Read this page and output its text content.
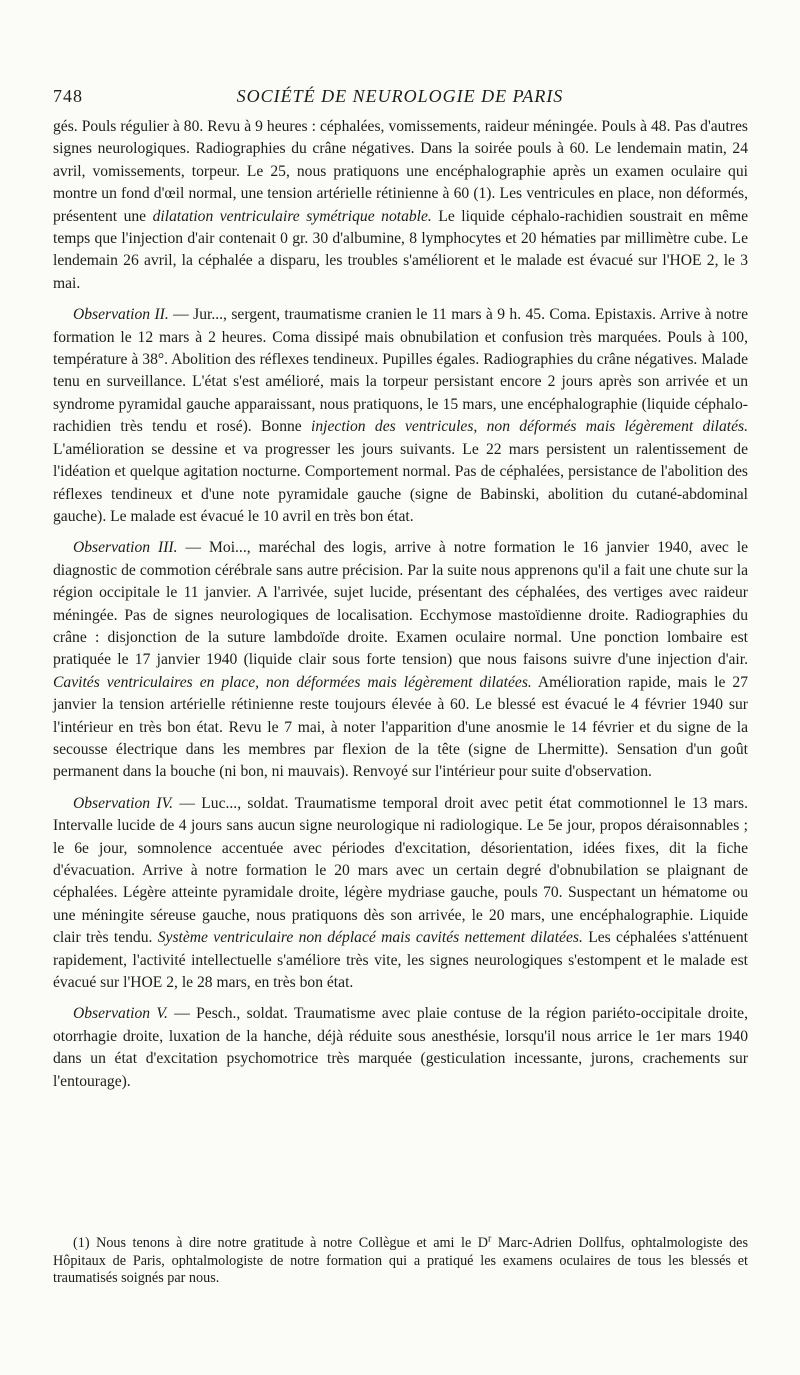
748	SOCIÉTÉ DE NEUROLOGIE DE PARIS

gés. Pouls régulier à 80. Revu à 9 heures : céphalées, vomissements, raideur méningée. Pouls à 48. Pas d'autres signes neurologiques. Radiographies du crâne négatives. Dans la soirée pouls à 60. Le lendemain matin, 24 avril, vomissements, torpeur. Le 25, nous pratiquons une encéphalographie après un examen oculaire qui montre un fond d'œil normal, une tension artérielle rétinienne à 60 (1). Les ventricules en place, non déformés, présentent une dilatation ventriculaire symétrique notable. Le liquide céphalo-rachidien soustrait en même temps que l'injection d'air contenait 0 gr. 30 d'albumine, 8 lymphocytes et 20 hématies par millimètre cube. Le lendemain 26 avril, la céphalée a disparu, les troubles s'améliorent et le malade est évacué sur l'HOE 2, le 3 mai.

Observation II. — Jur..., sergent, traumatisme cranien le 11 mars à 9 h. 45. Coma. Epistaxis. Arrive à notre formation le 12 mars à 2 heures. Coma dissipé mais obnubilation et confusion très marquées. Pouls à 100, température à 38°. Abolition des réflexes tendineux. Pupilles égales. Radiographies du crâne négatives. Malade tenu en surveillance. L'état s'est amélioré, mais la torpeur persistant encore 2 jours après son arrivée et un syndrome pyramidal gauche apparaissant, nous pratiquons, le 15 mars, une encéphalographie (liquide céphalo-rachidien très tendu et rosé). Bonne injection des ventricules, non déformés mais légèrement dilatés. L'amélioration se dessine et va progresser les jours suivants. Le 22 mars persistent un ralentissement de l'idéation et quelque agitation nocturne. Comportement normal. Pas de céphalées, persistance de l'abolition des réflexes tendineux et d'une note pyramidale gauche (signe de Babinski, abolition du cutané-abdominal gauche). Le malade est évacué le 10 avril en très bon état.

Observation III. — Moi..., maréchal des logis, arrive à notre formation le 16 janvier 1940, avec le diagnostic de commotion cérébrale sans autre précision. Par la suite nous apprenons qu'il a fait une chute sur la région occipitale le 11 janvier. A l'arrivée, sujet lucide, présentant des céphalées, des vertiges avec raideur méningée. Pas de signes neurologiques de localisation. Ecchymose mastoïdienne droite. Radiographies du crâne : disjonction de la suture lambdoïde droite. Examen oculaire normal. Une ponction lombaire est pratiquée le 17 janvier 1940 (liquide clair sous forte tension) que nous faisons suivre d'une injection d'air. Cavités ventriculaires en place, non déformées mais légèrement dilatées. Amélioration rapide, mais le 27 janvier la tension artérielle rétinienne reste toujours élevée à 60. Le blessé est évacué le 4 février 1940 sur l'intérieur en très bon état. Revu le 7 mai, à noter l'apparition d'une anosmie le 14 février et du signe de la secousse électrique dans les membres par flexion de la tête (signe de Lhermitte). Sensation d'un goût permanent dans la bouche (ni bon, ni mauvais). Renvoyé sur l'intérieur pour suite d'observation.

Observation IV. — Luc..., soldat. Traumatisme temporal droit avec petit état commotionnel le 13 mars. Intervalle lucide de 4 jours sans aucun signe neurologique ni radiologique. Le 5e jour, propos déraisonnables ; le 6e jour, somnolence accentuée avec périodes d'excitation, désorientation, idées fixes, dit la fiche d'évacuation. Arrive à notre formation le 20 mars avec un certain degré d'obnubilation se plaignant de céphalées. Légère atteinte pyramidale droite, légère mydriase gauche, pouls 70. Suspectant un hématome ou une méningite séreuse gauche, nous pratiquons dès son arrivée, le 20 mars, une encéphalographie. Liquide clair très tendu. Système ventriculaire non déplacé mais cavités nettement dilatées. Les céphalées s'atténuent rapidement, l'activité intellectuelle s'améliore très vite, les signes neurologiques s'estompent et le malade est évacué sur l'HOE 2, le 28 mars, en très bon état.

Observation V. — Pesch., soldat. Traumatisme avec plaie contuse de la région pariéto-occipitale droite, otorrhagie droite, luxation de la hanche, déjà réduite sous anesthésie, lorsqu'il nous arrice le 1er mars 1940 dans un état d'excitation psychomotrice très marquée (gesticulation incessante, jurons, crachements sur l'entourage).

(1) Nous tenons à dire notre gratitude à notre Collègue et ami le $D^r$ Marc-Adrien Dollfus, ophtalmologiste des Hôpitaux de Paris, ophtalmologiste de notre formation qui a pratiqué les examens oculaires de tous les blessés et traumatisés soignés par nous.
